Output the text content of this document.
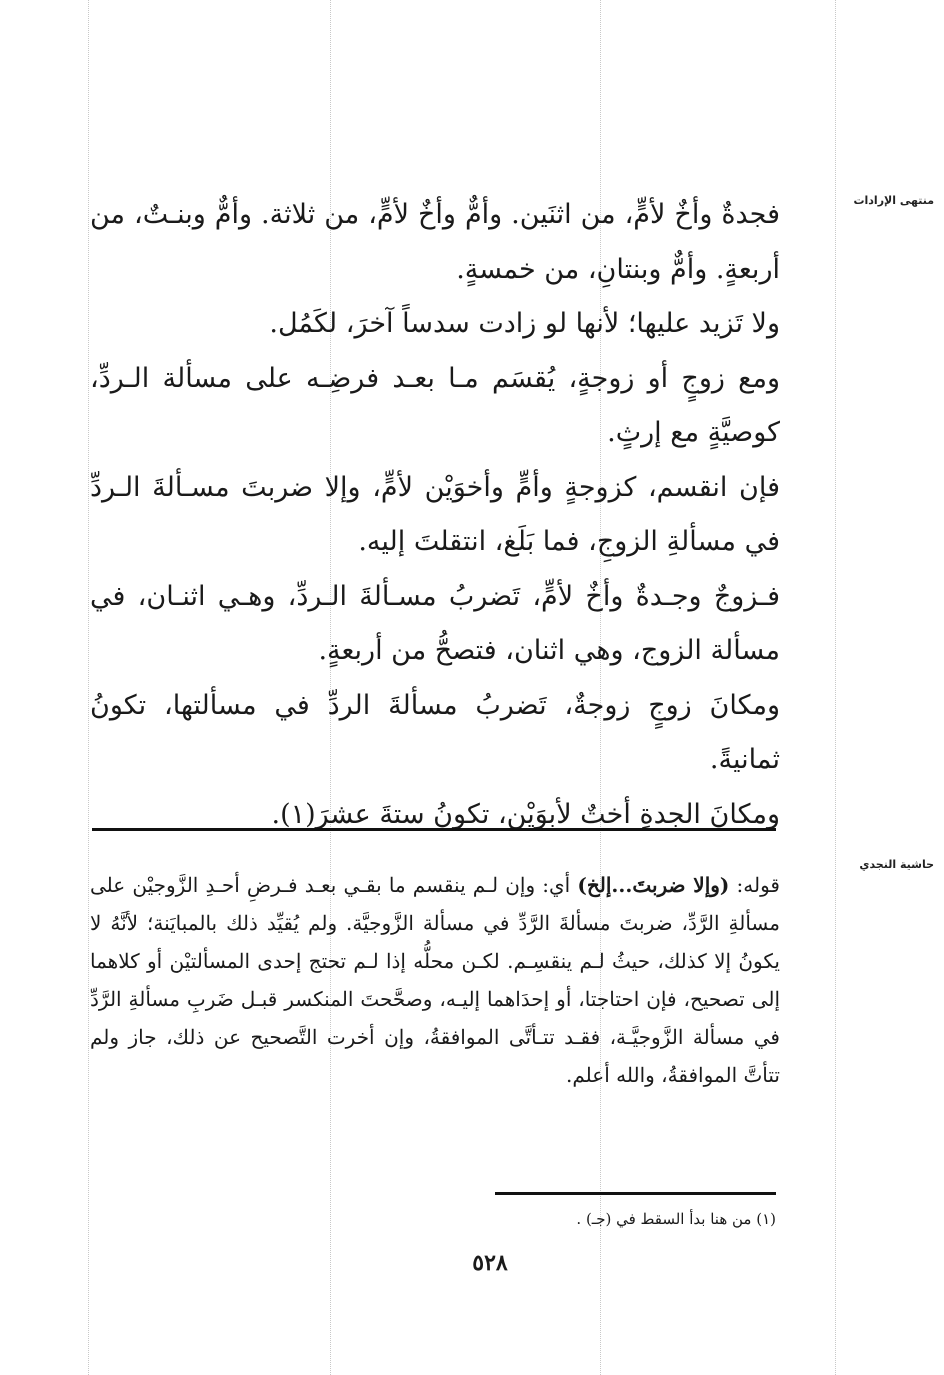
منتهى الإرادات
حاشية النجدي

فجدةٌ وأخٌ لأمٍّ، من اثنَين. وأمٌّ وأخٌ لأمٍّ، من ثلاثة. وأمٌّ وبنـتٌ، من أربعةٍ. وأمٌّ وبنتانِ، من خمسةٍ.

ولا تَزيد عليها؛ لأنها لو زادت سدساً آخرَ، لكَمُل.

ومع زوجٍ أو زوجةٍ، يُقسَم مـا بعـد فرضِـه على مسألة الـردِّ، كوصيَّةٍ مع إرثٍ.

فإن انقسم، كزوجةٍ وأمٍّ وأخوَيْن لأمٍّ، وإلا ضربتَ مسـألةَ الـردِّ في مسألةِ الزوجِ، فما بَلَغ، انتقلتَ إليه.

فـزوجٌ وجـدةٌ وأخٌ لأمٍّ، تَضربُ مسـألةَ الـردِّ، وهـي اثنـان، في مسألة الزوج، وهي اثنان، فتصحُّ من أربعةٍ.

ومكانَ زوجٍ زوجةٌ، تَضربُ مسألةَ الردِّ في مسألتها، تكونُ ثمانيةً.

ومكانَ الجدةِ أختٌ لأبوَيْن، تكونُ ستةَ عشرَ(١).

قوله: (وإلا ضربتَ...إلخ) أي: وإن لـم ينقسم ما بقـي بعـد فـرضِ أحـدِ الزَّوجيْن على مسألةِ الرَّدِّ، ضربتَ مسألةَ الرَّدِّ في مسألة الزَّوجيَّة. ولم يُقيِّد ذلك بالمبايَنة؛ لأنَّهُ لا يكونُ إلا كذلك، حيثُ لـم ينقسِـم. لكـن محلُّه إذا لـم تحتج إحدى المسألتيْن أو كلاهما إلى تصحيح، فإن احتاجتا، أو إحدَاهما إليـه، وصحَّحتَ المنكسر قبـل ضَربِ مسألةِ الرَّدِّ في مسألة الزَّوجيَّـة، فقـد تتـأتَّى الموافقةُ، وإن أخرت التَّصحيح عن ذلك، جاز ولم تتأتَّ الموافقةُ، والله أعلم.

(١) من هنا بدأ السقط في (جـ) .
٥٢٨
